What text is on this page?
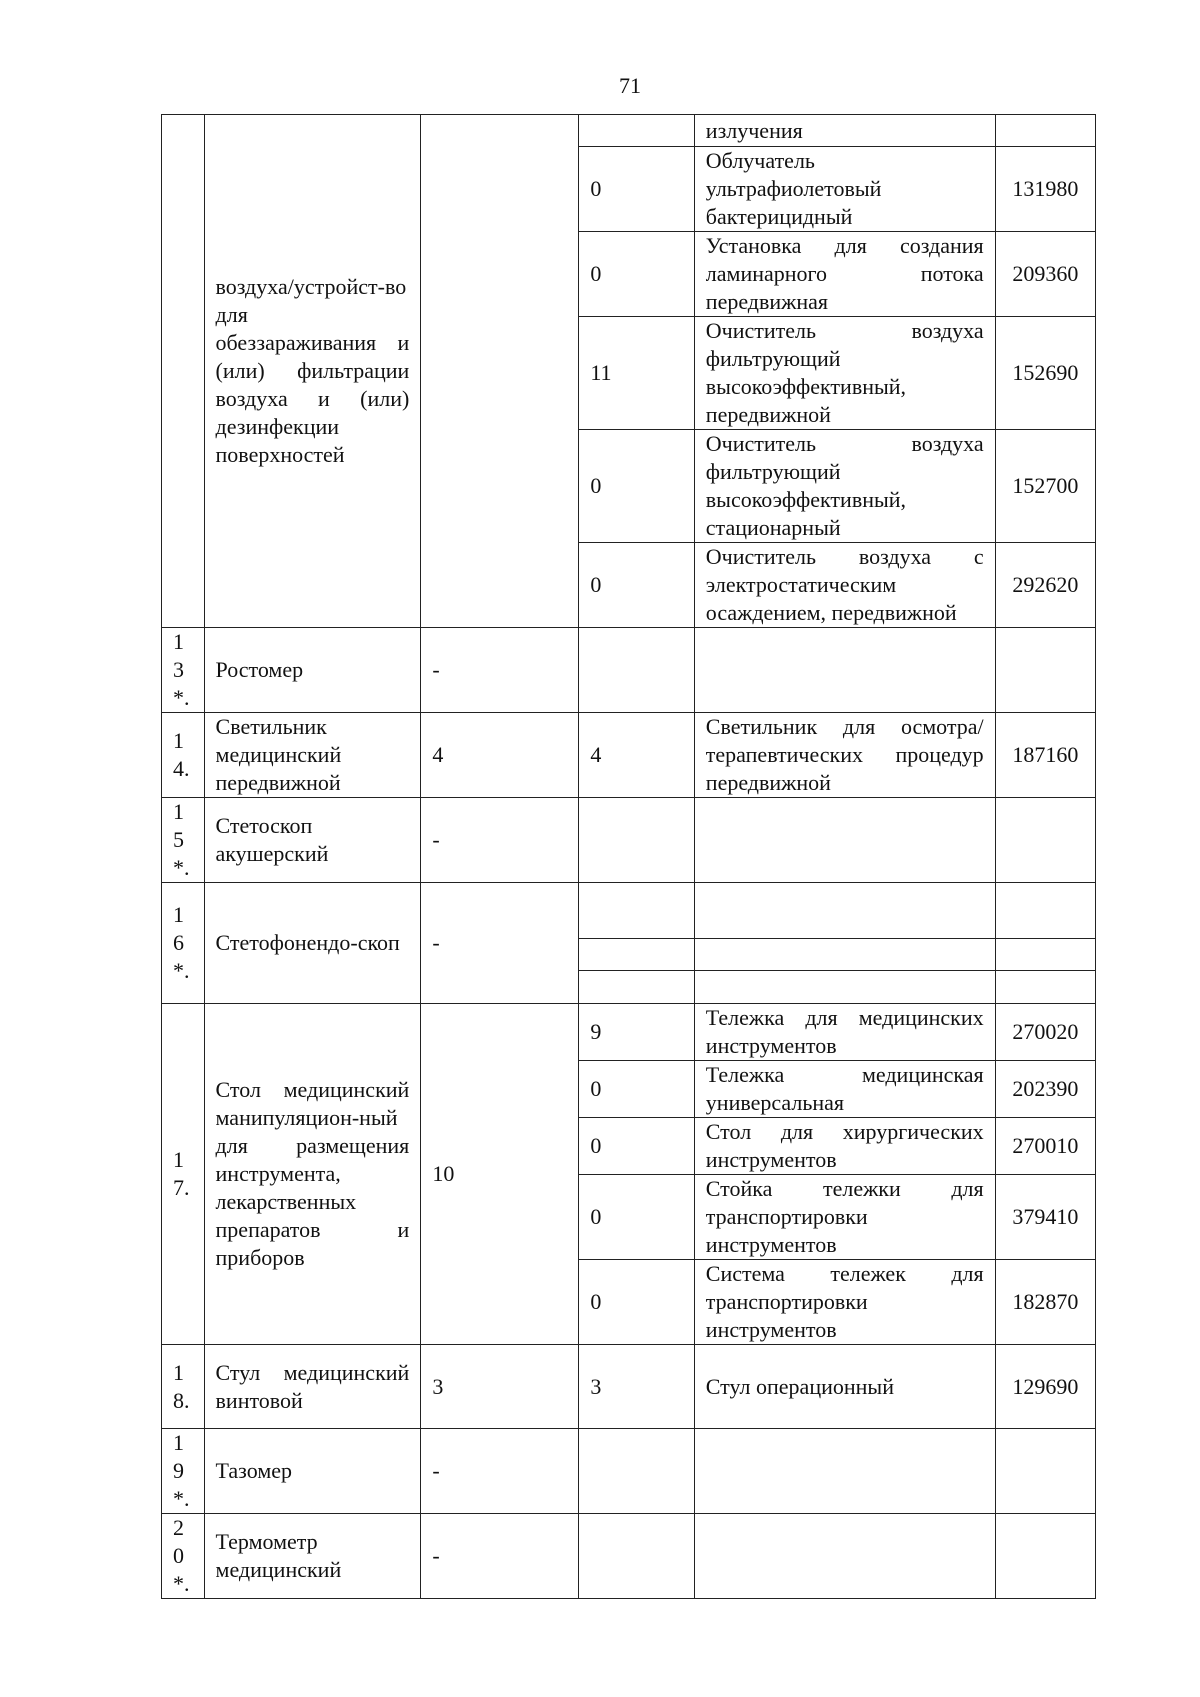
71
	воздуха/устройст-во для обеззараживания и (или) фильтрации воздуха и (или) дезинфекции поверхностей			излучения	
			0	Облучатель ультрафиолетовый бактерицидный	131980
			0	Установка для создания ламинарного потока передвижная	209360
			11	Очиститель воздуха фильтрующий высокоэффективный, передвижной	152690
			0	Очиститель воздуха фильтрующий высокоэффективный, стационарный	152700
			0	Очиститель воздуха с электростатическим осаждением, передвижной	292620

1
3
*.	Ростомер	-			

1
4.	Светильник медицинский передвижной	4	4	Светильник для осмотра/терапевтических процедур передвижной	187160

1
5
*.	Стетоскоп акушерский	-			

1
6
*.	Стетофонендо-скоп	-			

1
7.	Стол медицинский манипуляцион-ный для размещения инструмента, лекарственных препаратов и приборов	10	9	Тележка для медицинских инструментов	270020
			0	Тележка медицинская универсальная	202390
			0	Стол для хирургических инструментов	270010
			0	Стойка тележки для транспортировки инструментов	379410
			0	Система тележек для транспортировки инструментов	182870

1
8.	Стул медицинский винтовой	3	3	Стул операционный	129690

1
9
*.	Тазомер	-			

2
0
*.	Термометр медицинский	-			
